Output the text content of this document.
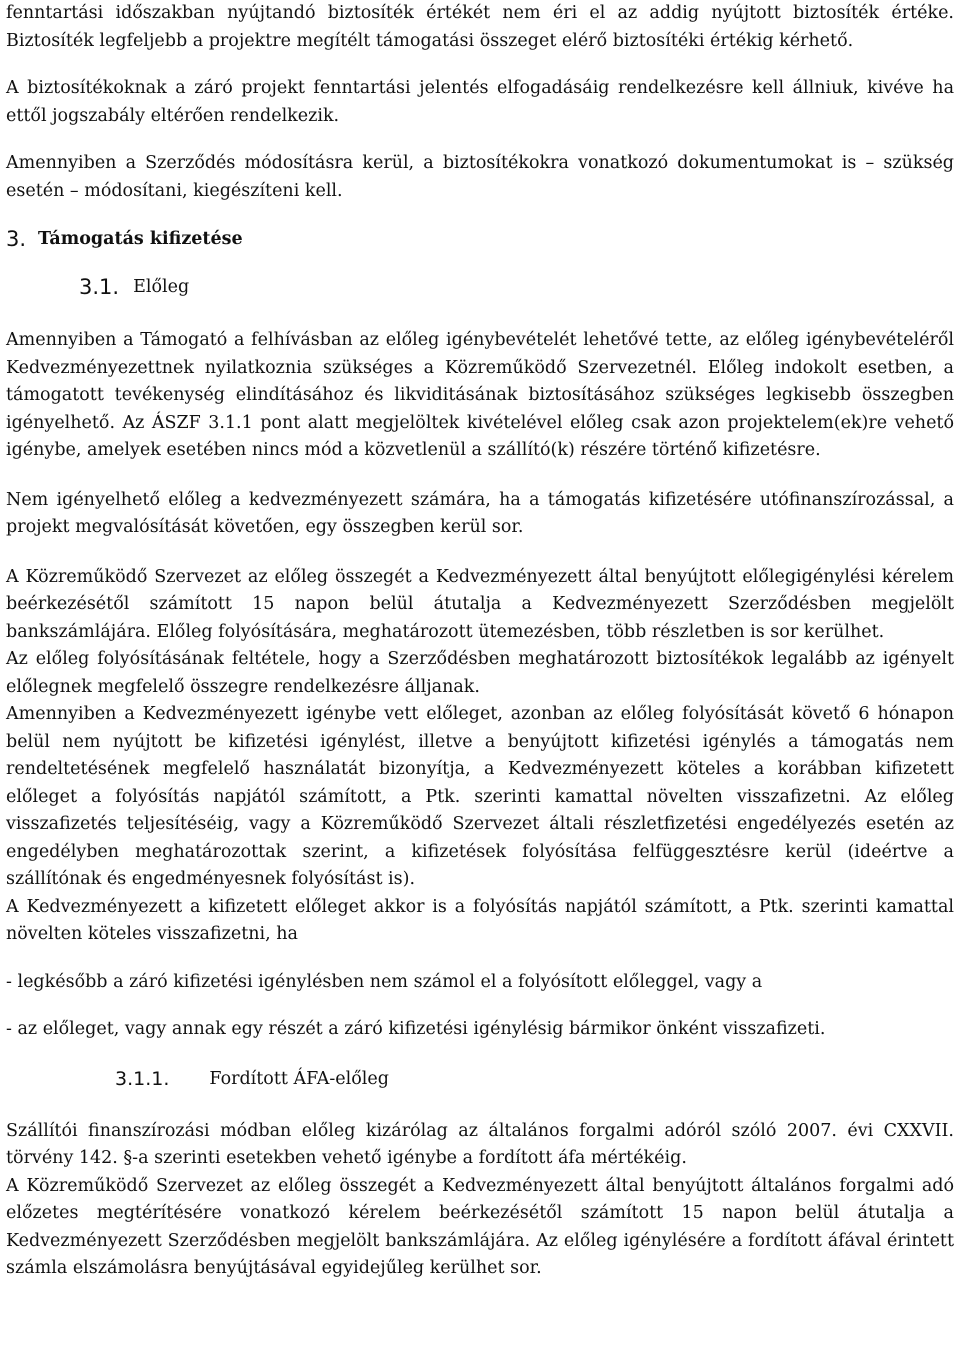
fenntartási időszakban nyújtandó biztosíték értékét nem éri el az addig nyújtott biztosíték értéke. Biztosíték legfeljebb a projektre megítélt támogatási összeget elérő biztosítéki értékig kérhető.

A biztosítékoknak a záró projekt fenntartási jelentés elfogadásáig rendelkezésre kell állniuk, kivéve ha ettől jogszabály eltérően rendelkezik.

Amennyiben a Szerződés módosításra kerül, a biztosítékokra vonatkozó dokumentumokat is – szükség esetén – módosítani, kiegészíteni kell.

3. Támogatás kifizetése
3.1. Előleg

Amennyiben a Támogató a felhívásban az előleg igénybevételét lehetővé tette, az előleg igénybevételéről Kedvezményezettnek nyilatkoznia szükséges a Közreműködő Szervezetnél. Előleg indokolt esetben, a támogatott tevékenység elindításához és likviditásának biztosításához szükséges legkisebb összegben igényelhető. Az ÁSZF 3.1.1 pont alatt megjelöltek kivételével előleg csak azon projektelem(ek)re vehető igénybe, amelyek esetében nincs mód a közvetlenül a szállító(k) részére történő kifizetésre.

Nem igényelhető előleg a kedvezményezett számára, ha a támogatás kifizetésére utófinanszírozással, a projekt megvalósítását követően, egy összegben kerül sor.

A Közreműködő Szervezet az előleg összegét a Kedvezményezett által benyújtott előlegigénylési kérelem beérkezésétől számított 15 napon belül átutalja a Kedvezményezett Szerződésben megjelölt bankszámlájára. Előleg folyósítására, meghatározott ütemezésben, több részletben is sor kerülhet.

Az előleg folyósításának feltétele, hogy a Szerződésben meghatározott biztosítékok legalább az igényelt előlegnek megfelelő összegre rendelkezésre álljanak.

Amennyiben a Kedvezményezett igénybe vett előleget, azonban az előleg folyósítását követő 6 hónapon belül nem nyújtott be kifizetési igénylést, illetve a benyújtott kifizetési igénylés a támogatás nem rendeltetésének megfelelő használatát bizonyítja, a Kedvezményezett köteles a korábban kifizetett előleget a folyósítás napjától számított, a Ptk. szerinti kamattal növelten visszafizetni. Az előleg visszafizetés teljesítéséig, vagy a Közreműködő Szervezet általi részletfizetési engedélyezés esetén az engedélyben meghatározottak szerint, a kifizetések folyósítása felfüggesztésre kerül (ideértve a szállítónak és engedményesnek folyósítást is).

A Kedvezményezett a kifizetett előleget akkor is a folyósítás napjától számított, a Ptk. szerinti kamattal növelten köteles visszafizetni, ha

- legkésőbb a záró kifizetési igénylésben nem számol el a folyósított előleggel, vagy a

- az előleget, vagy annak egy részét a záró kifizetési igénylésig bármikor önként visszafizeti.

3.1.1. Fordított ÁFA-előleg

Szállítói finanszírozási módban előleg kizárólag az általános forgalmi adóról szóló 2007. évi CXXVII. törvény 142. §-a szerinti esetekben vehető igénybe a fordított áfa mértékéig.

A Közreműködő Szervezet az előleg összegét a Kedvezményezett által benyújtott általános forgalmi adó előzetes megtérítésére vonatkozó kérelem beérkezésétől számított 15 napon belül átutalja a Kedvezményezett Szerződésben megjelölt bankszámlájára. Az előleg igénylésére a fordított áfával érintett számla elszámolásra benyújtásával egyidejűleg kerülhet sor.
